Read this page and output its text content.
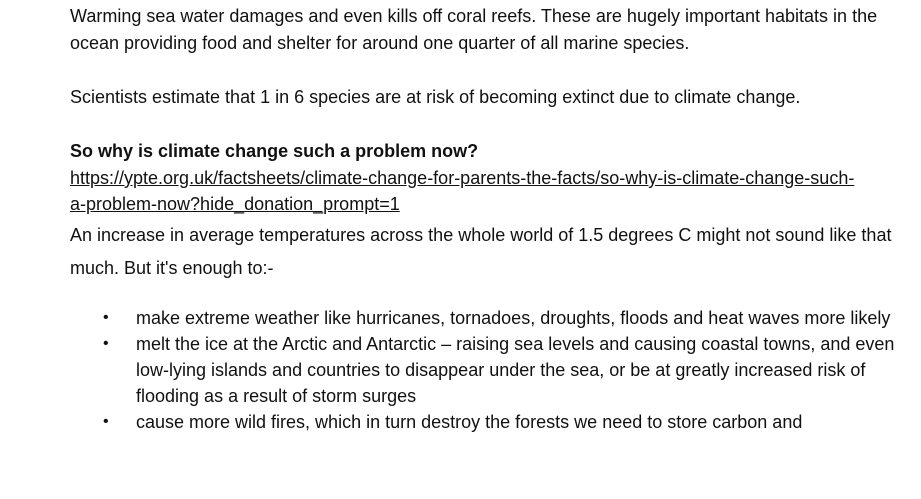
Warming sea water damages and even kills off coral reefs. These are hugely important habitats in the ocean providing food and shelter for around one quarter of all marine species.

Scientists estimate that 1 in 6 species are at risk of becoming extinct due to climate change.

So why is climate change such a problem now?

https://ypte.org.uk/factsheets/climate-change-for-parents-the-facts/so-why-is-climate-change-such-a-problem-now?hide_donation_prompt=1

An increase in average temperatures across the whole world of 1.5 degrees C might not sound like that much. But it's enough to:-

• make extreme weather like hurricanes, tornadoes, droughts, floods and heat waves more likely
• melt the ice at the Arctic and Antarctic – raising sea levels and causing coastal towns, and even low-lying islands and countries to disappear under the sea, or be at greatly increased risk of flooding as a result of storm surges
• cause more wild fires, which in turn destroy the forests we need to store carbon and
